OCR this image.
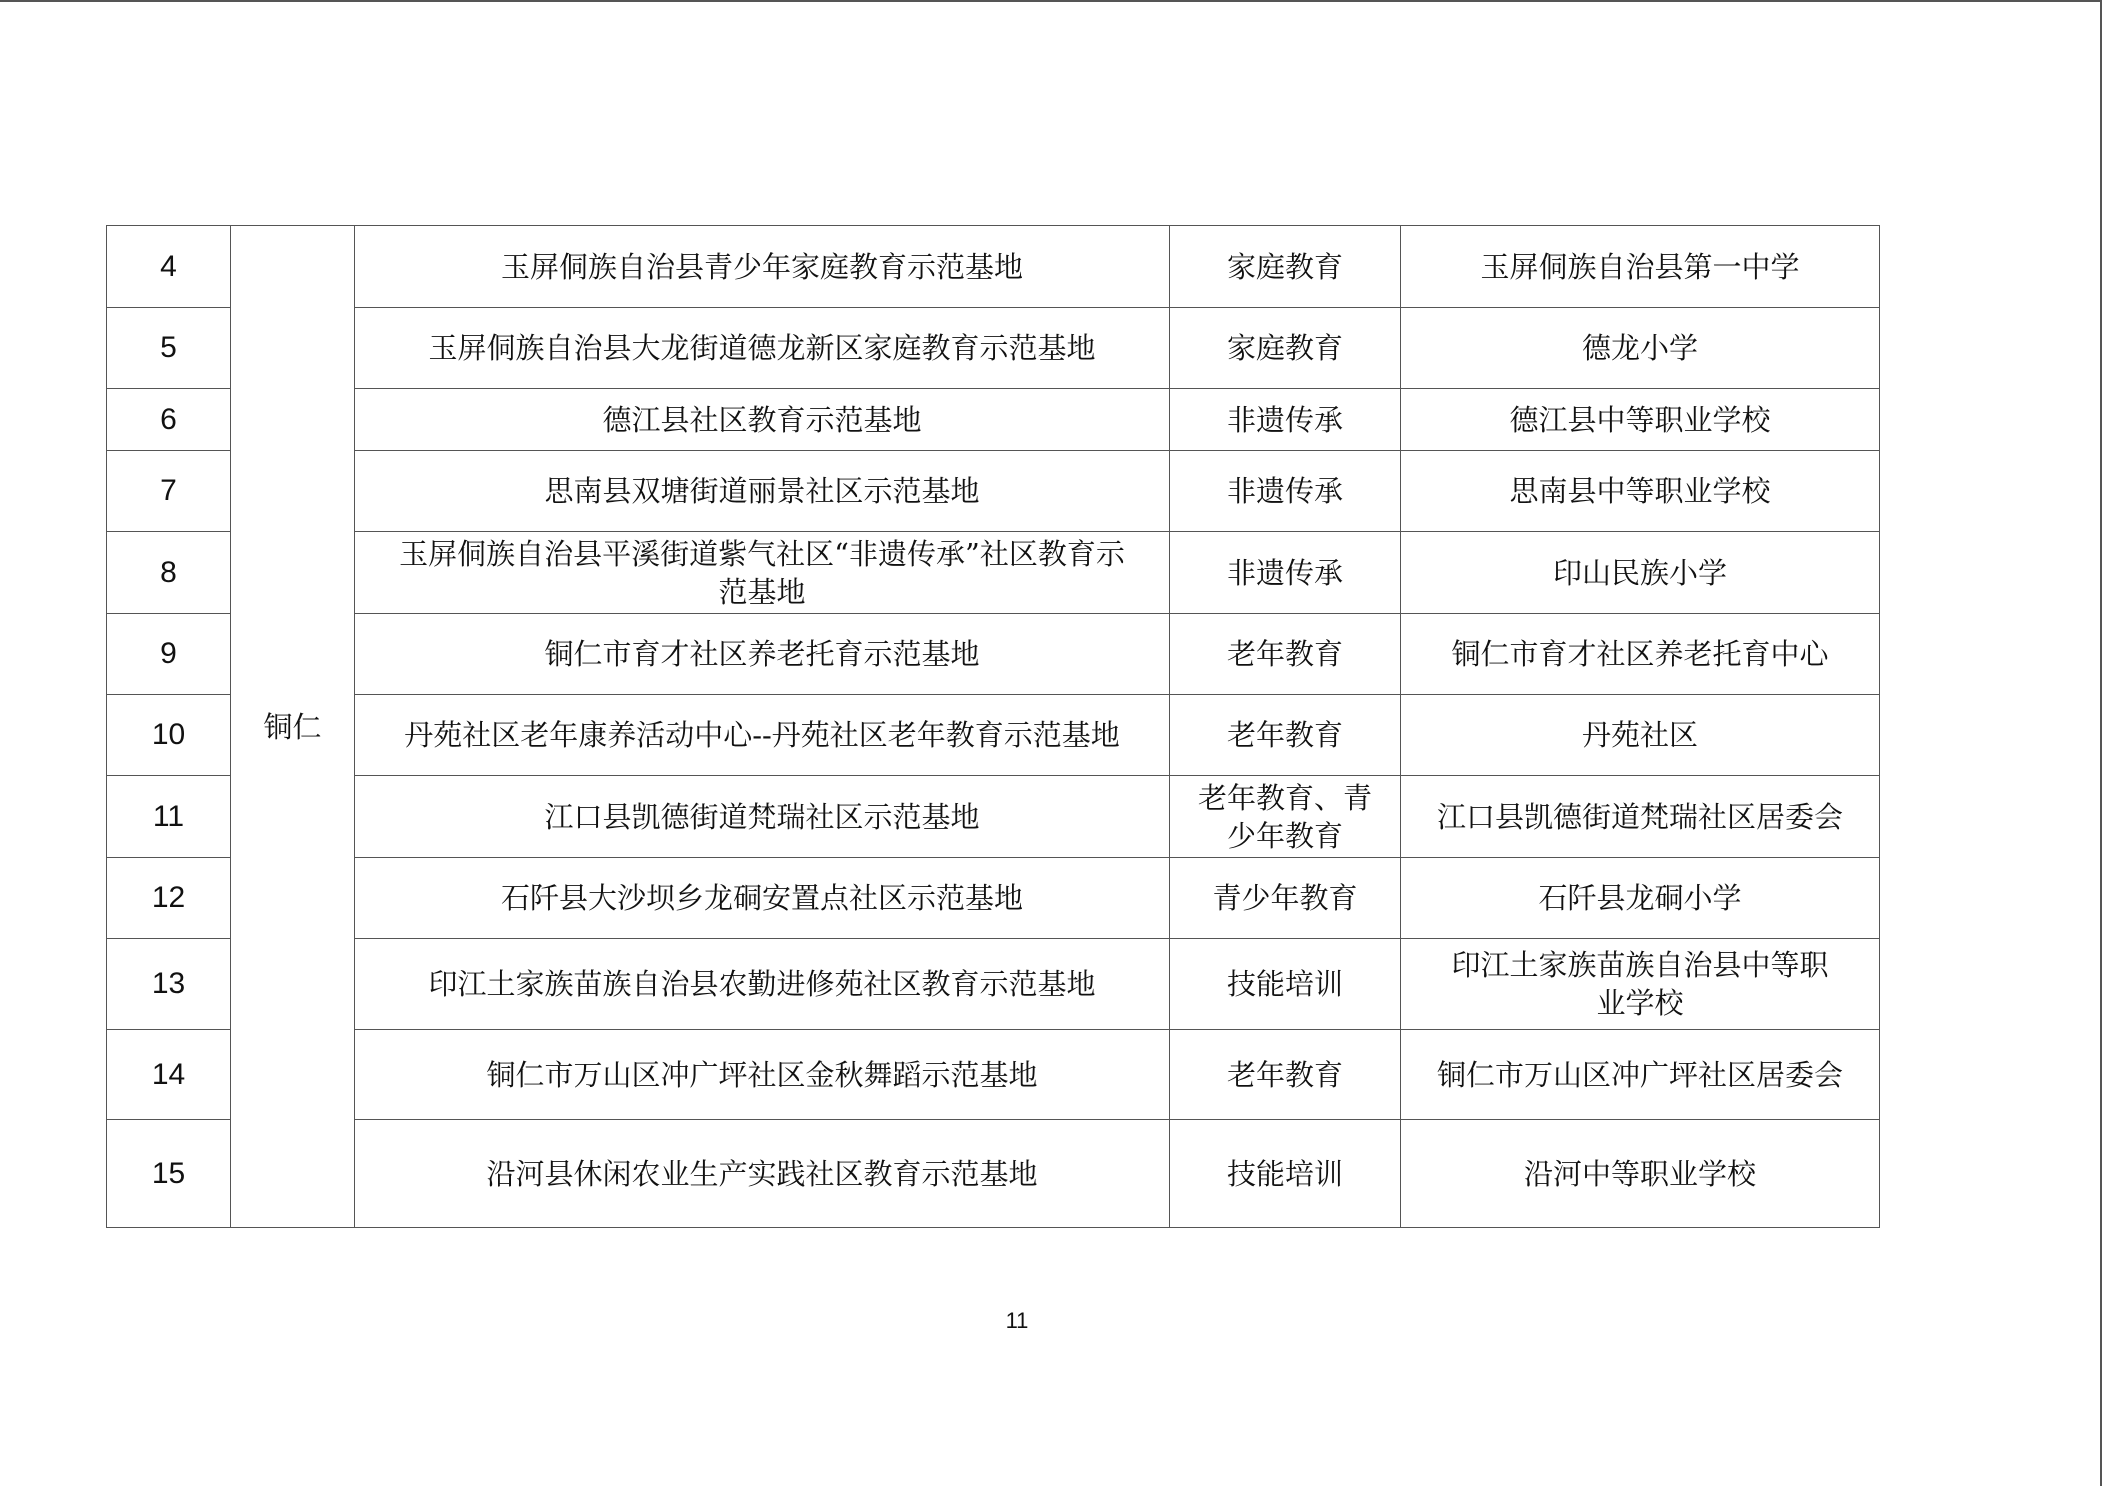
4	铜仁	玉屏侗族自治县青少年家庭教育示范基地	家庭教育	玉屏侗族自治县第一中学
5		玉屏侗族自治县大龙街道德龙新区家庭教育示范基地	家庭教育	德龙小学
6		德江县社区教育示范基地	非遗传承	德江县中等职业学校
7		思南县双塘街道丽景社区示范基地	非遗传承	思南县中等职业学校
8		玉屏侗族自治县平溪街道紫气社区“非遗传承”社区教育示范基地	非遗传承	印山民族小学
9		铜仁市育才社区养老托育示范基地	老年教育	铜仁市育才社区养老托育中心
10		丹苑社区老年康养活动中心--丹苑社区老年教育示范基地	老年教育	丹苑社区
11		江口县凯德街道梵瑞社区示范基地	老年教育、青少年教育	江口县凯德街道梵瑞社区居委会
12		石阡县大沙坝乡龙硐安置点社区示范基地	青少年教育	石阡县龙硐小学
13		印江土家族苗族自治县农勤进修苑社区教育示范基地	技能培训	印江土家族苗族自治县中等职业学校
14		铜仁市万山区冲广坪社区金秋舞蹈示范基地	老年教育	铜仁市万山区冲广坪社区居委会
15		沿河县休闲农业生产实践社区教育示范基地	技能培训	沿河中等职业学校
11
